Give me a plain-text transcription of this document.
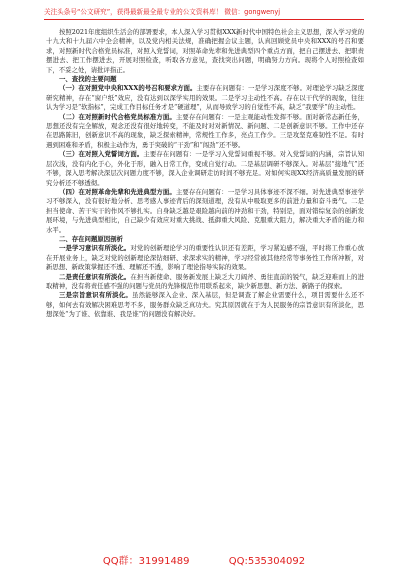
关注头条号“公文研究”，获得最新最全最专业的公文资料库！ 微信：gongwenyj

按照2021年度组织生活会的部署要求，本人深入学习贯彻XXX新时代中国特色社会主义思想，深入学习党的十九大和十九届六中全会精神，以及党内相关法规，准确把握会议主题，认真回顾党员中央和XXX的号召和要求，对照新时代合格党员标准，对照入党誓词，对照革命先辈和先进典型四个重点方面，把自己摆进去、把职责摆进去、把工作摆进去，开展对照检查，听取各方意见，查找突出问题，明确努力方向。现将个人对照检查如下，不妥之处，请批评指正。

一、查找的主要问题

（一）在对照党中央和XXX的号召和要求方面。主要存在问题有：一是学习深度不够。对理论学习缺乏深度研究精神，存在“窗户纸”效应，没有达到以深学实用的效果。二是学习主动性不高。存在以干代学的现象，往往认为学习是“软指标”，完成工作目标任务才是“硬道理”，从而导致学习的自觉性不高，缺乏“我要学”的主动性。

（二）在对照新时代合格党员标准方面。主要存在问题有：一是主观能动性发挥不够。面对新常态新任务，思想还没有完全解放，观念还没有很好地转变，不能及时对对新情况、新问题、二是创新意识不够。工作中还存在思路陈旧，创新意识不高的现象，缺乏探索精神，常规性工作多，亮点工作少。三是攻坚克难韧性不足。有时遇到困难和矛盾，积极主动作为，勇于突破的“干劲”和“闯劲”还不够。

（三）在对照入党誓词方面。主要存在问题有：一是学习入党誓词重视不够。对入党誓词的内涵，宗旨认知层次浅，没有内化于心，外化于形，融入日常工作，变成自觉行动。二是基层调研不够深入。对基层“接地气”还不够，深入思考解决深层次问题力度不够，深入企业调研走访时间不够充足。对如何实现XX经济高质量发展的研究分析还不够透彻。

（四）在对照革命先辈和先进典型方面。主要存在问题有：一是学习具体事迹不深不细。对先进典型事迹学习不够深入，没有很好地分析、思考感人事迹背后的深刻道理，没有从中吸取更多的前进力量和奋斗勇气。二是担当使命、苦干实干的作风不够扎实。自身缺乏越是艰险越向前的冲劲和干劲，特别是，面对错综复杂的创新发展环境，与先进典型相比，自己缺少有效应对重大挑战、抵御重大风险、克服重大阻力，解决重大矛盾的能力和水平。

二、存在问题原因剖析

一是学习意识有所淡化。对党的创新理论学习的重要性认识还有差距，学习紧迫感不强，平时将工作重心放在开展业务上，缺乏对党的创新理论深钻细研、求深求实的精神，学习经常被其他经常等事务性工作所冲断，对新思想、新政策掌握还不透、理解还不透，影响了理论指导实际的效果。

二是责任意识有所淡化。在担当新使命、服务新发展上缺乏大刀阔斧、勇往直前的锐气，缺乏迎难而上的进取精神，没有将责任感不强的问题与党员的先锋模范作用联系起来，缺少新思想、新方法、新路子的探索。

三是宗旨意识有所淡化。虽然能够深入企业、深入基层，但是调查了解企业需要什么，项目需要什么还不够，如何去有效解决困难思考不多，服务群众缺乏真功夫。究其原因就在于为人民服务的宗旨意识有所淡化，思想深处“为了谁、依靠谁、我是谁”的问题没有解决好。

QQ群：31991489	QQ:535304092
